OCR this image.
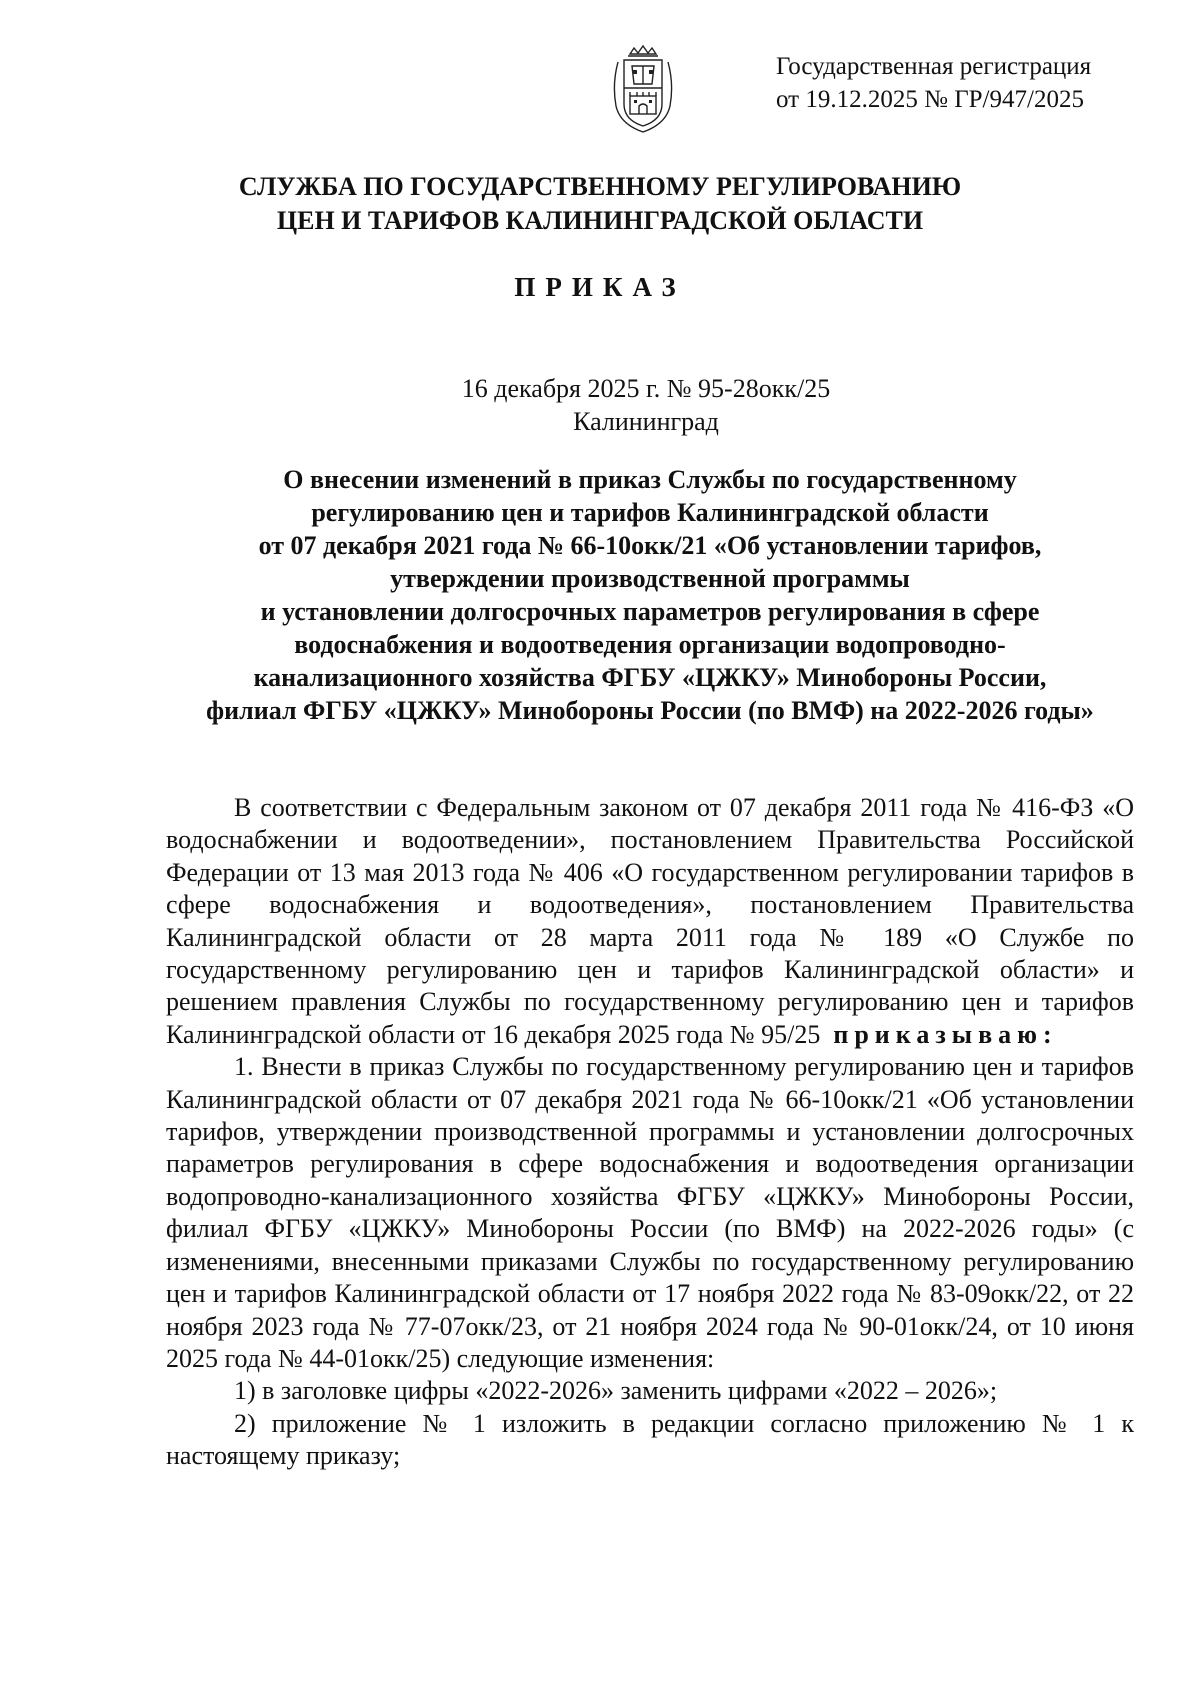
Государственная регистрация
от 19.12.2025 № ГР/947/2025
СЛУЖБА ПО ГОСУДАРСТВЕННОМУ РЕГУЛИРОВАНИЮ
ЦЕН И ТАРИФОВ КАЛИНИНГРАДСКОЙ ОБЛАСТИ
ПРИКАЗ
16 декабря 2025 г. № 95-28окк/25
Калининград
О внесении изменений в приказ Службы по государственному
регулированию цен и тарифов Калининградской области
от 07 декабря 2021 года № 66-10окк/21 «Об установлении тарифов,
утверждении производственной программы
и установлении долгосрочных параметров регулирования в сфере
водоснабжения и водоотведения организации водопроводно-
канализационного хозяйства ФГБУ «ЦЖКУ» Минобороны России,
филиал ФГБУ «ЦЖКУ» Минобороны России (по ВМФ) на 2022-2026 годы»

В соответствии с Федеральным законом от 07 декабря 2011 года № 416-ФЗ «О водоснабжении и водоотведении», постановлением Правительства Российской Федерации от 13 мая 2013 года № 406 «О государственном регулировании тарифов в сфере водоснабжения и водоотведения», постановлением Правительства Калининградской области от 28 марта 2011 года № 189 «О Службе по государственному регулированию цен и тарифов Калининградской области» и решением правления Службы по государственному регулированию цен и тарифов Калининградской области от 16 декабря 2025 года № 95/25 приказываю:

1. Внести в приказ Службы по государственному регулированию цен и тарифов Калининградской области от 07 декабря 2021 года № 66-10окк/21 «Об установлении тарифов, утверждении производственной программы и установлении долгосрочных параметров регулирования в сфере водоснабжения и водоотведения организации водопроводно-канализационного хозяйства ФГБУ «ЦЖКУ» Минобороны России, филиал ФГБУ «ЦЖКУ» Минобороны России (по ВМФ) на 2022-2026 годы» (с изменениями, внесенными приказами Службы по государственному регулированию цен и тарифов Калининградской области от 17 ноября 2022 года № 83-09окк/22, от 22 ноября 2023 года № 77-07окк/23, от 21 ноября 2024 года № 90-01окк/24, от 10 июня 2025 года № 44-01окк/25) следующие изменения:

1) в заголовке цифры «2022-2026» заменить цифрами «2022 – 2026»;

2) приложение № 1 изложить в редакции согласно приложению № 1 к настоящему приказу;
